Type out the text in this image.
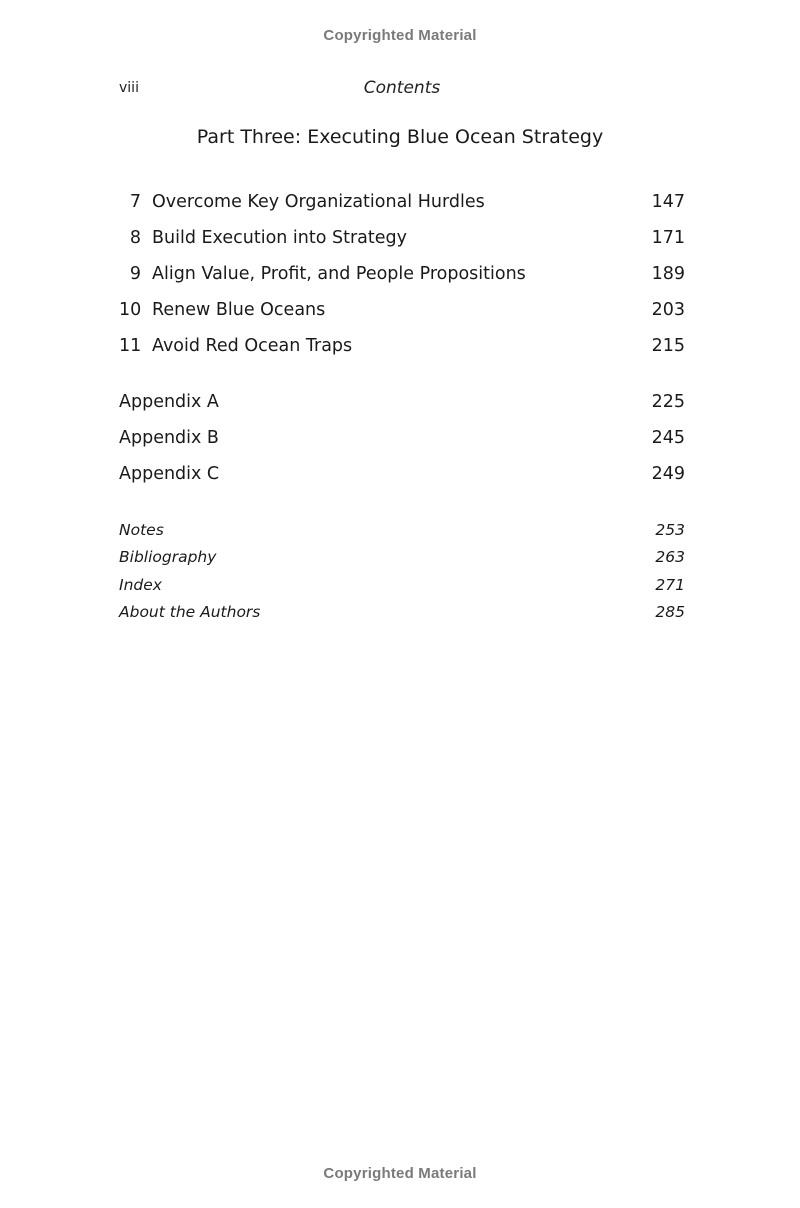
Copyrighted Material
viii	Contents
Part Three: Executing Blue Ocean Strategy
7 Overcome Key Organizational Hurdles	147
8 Build Execution into Strategy	171
9 Align Value, Profit, and People Propositions	189
10 Renew Blue Oceans	203
11 Avoid Red Ocean Traps	215
Appendix A	225
Appendix B	245
Appendix C	249
Notes	253
Bibliography	263
Index	271
About the Authors	285
Copyrighted Material
